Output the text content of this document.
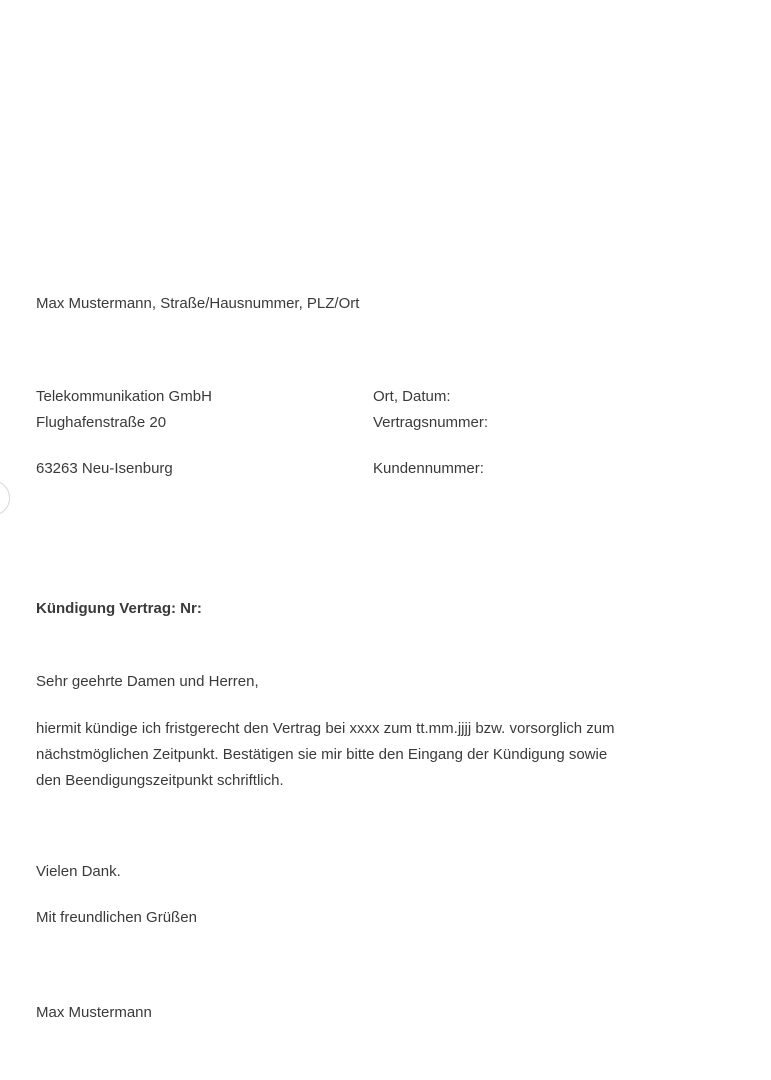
Max Mustermann, Straße/Hausnummer, PLZ/Ort
Telekommunikation GmbH
Flughafenstraße 20
63263 Neu-Isenburg
Ort, Datum:
Vertragsnummer:
Kundennummer:
Kündigung Vertrag: Nr:
Sehr geehrte Damen und Herren,
hiermit kündige ich fristgerecht den Vertrag bei xxxx zum tt.mm.jjjj bzw. vorsorglich zum
nächstmöglichen Zeitpunkt. Bestätigen sie mir bitte den Eingang der Kündigung sowie
den Beendigungszeitpunkt schriftlich.
Vielen Dank.
Mit freundlichen Grüßen
Max Mustermann
